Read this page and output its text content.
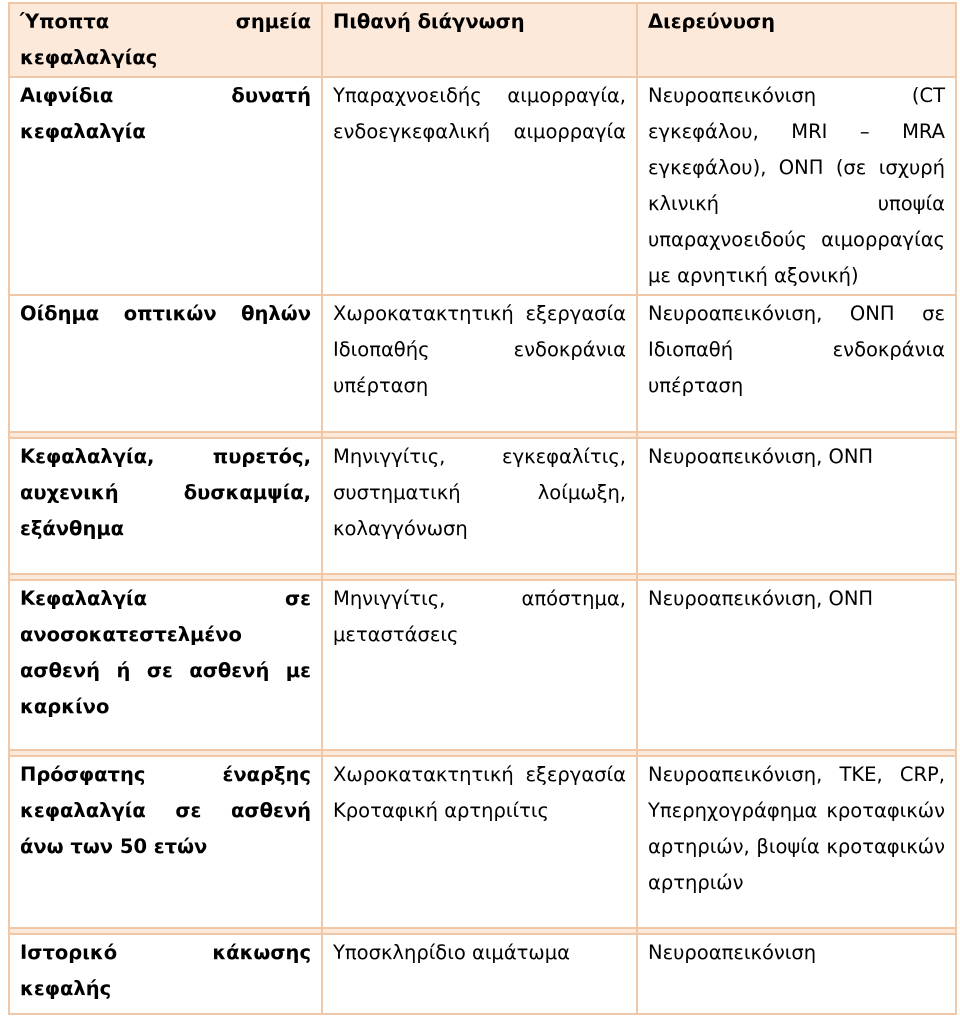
Ύποπτα σημεία κεφαλαλγίας	Πιθανή διάγνωση	Διερεύνυση

Αιφνίδια δυνατή κεφαλαλγία	Υπαραχνοειδής αιμορραγία, ενδοεγκεφαλική αιμορραγία	Νευροαπεικόνιση (CT εγκεφάλου, MRI – MRA εγκεφάλου), ΟΝΠ (σε ισχυρή κλινική υποψία υπαραχνοειδούς αιμορραγίας με αρνητική αξονική)

Οίδημα οπτικών θηλών	Χωροκατακτητική εξεργασία Ιδιοπαθής ενδοκράνια υπέρταση	Νευροαπεικόνιση, ΟΝΠ σε Ιδιοπαθή ενδοκράνια υπέρταση

Κεφαλαλγία, πυρετός, αυχενική δυσκαμψία, εξάνθημα	Μηνιγγίτις, εγκεφαλίτις, συστηματική λοίμωξη, κολαγγόνωση	Νευροαπεικόνιση, ΟΝΠ

Κεφαλαλγία σε ανοσοκατεστελμένο ασθενή ή σε ασθενή με καρκίνο	Μηνιγγίτις, απόστημα, μεταστάσεις	Νευροαπεικόνιση, ΟΝΠ

Πρόσφατης έναρξης κεφαλαλγία σε ασθενή άνω των 50 ετών	Χωροκατακτητική εξεργασία Κροταφική αρτηριίτις	Νευροαπεικόνιση, ΤΚΕ, CRP, Υπερηχογράφημα κροταφικών αρτηριών, βιοψία κροταφικών αρτηριών

Ιστορικό κάκωσης κεφαλής	Υποσκληρίδιο αιμάτωμα	Νευροαπεικόνιση
